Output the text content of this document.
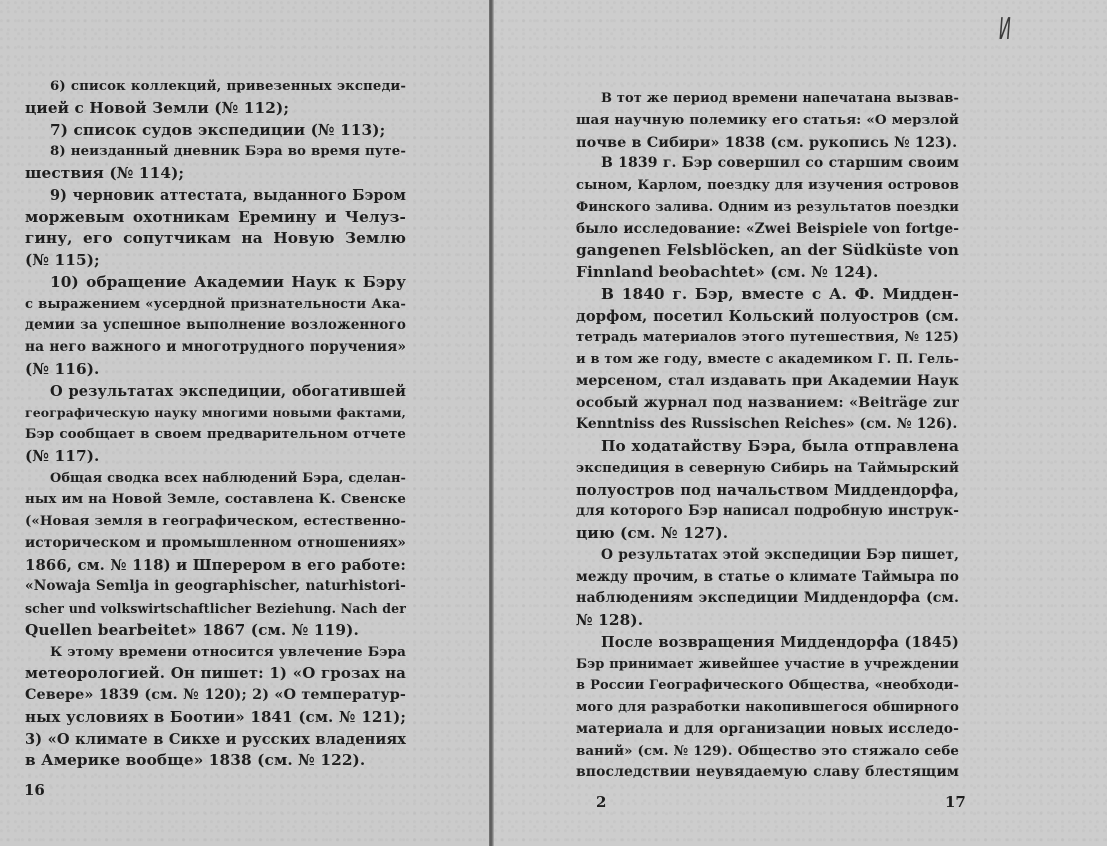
6) список коллекций, привезенных экспеди-
цией с Новой Земли (№ 112);
7) список судов экспедиции (№ 113);
8) неизданный дневник Бэра во время путе-
шествия (№ 114);
9) черновик аттестата, выданного Бэром
моржевым охотникам Еремину и Челуз-
гину, его сопутчикам на Новую Землю
(№ 115);
10) обращение Академии Наук к Бэру
с выражением «усердной признательности Ака-
демии за успешное выполнение возложенного
на него важного и многотрудного поручения»
(№ 116).
О результатах экспедиции, обогатившей
географическую науку многими новыми фактами,
Бэр сообщает в своем предварительном отчете
(№ 117).
Общая сводка всех наблюдений Бэра, сделан-
ных им на Новой Земле, составлена К. Свенске
(«Новая земля в географическом, естественно-
историческом и промышленном отношениях»
1866, см. № 118) и Шперером в его работе:
«Nowaja Semlja in geographischer, naturhistori-
scher und volkswirtschaftlicher Beziehung. Nach der
Quellen bearbeitet» 1867 (см. № 119).
К этому времени относится увлечение Бэра
метеорологией. Он пишет: 1) «О грозах на
Севере» 1839 (см. № 120); 2) «О температур-
ных условиях в Боотии» 1841 (см. № 121);
3) «О климате в Сикхе и русских владениях
в Америке вообще» 1838 (см. № 122).
16
В тот же период времени напечатана вызвав-
шая научную полемику его статья: «О мерзлой
почве в Сибири» 1838 (см. рукопись № 123).
В 1839 г. Бэр совершил со старшим своим
сыном, Карлом, поездку для изучения островов
Финского залива. Одним из результатов поездки
было исследование: «Zwei Beispiele von fortge-
gangenen Felsblöcken, an der Südküste von
Finnland beobachtet» (см. № 124).
В 1840 г. Бэр, вместе с А. Ф. Мидден-
дорфом, посетил Кольский полуостров (см.
тетрадь материалов этого путешествия, № 125)
и в том же году, вместе с академиком Г. П. Гель-
мерсеном, стал издавать при Академии Наук
особый журнал под названием: «Beiträge zur
Kenntniss des Russischen Reiches» (см. № 126).
По ходатайству Бэра, была отправлена
экспедиция в северную Сибирь на Таймырский
полуостров под начальством Миддендорфа,
для которого Бэр написал подробную инструк-
цию (см. № 127).
О результатах этой экспедиции Бэр пишет,
между прочим, в статье о климате Таймыра по
наблюдениям экспедиции Миддендорфа (см.
№ 128).
После возвращения Миддендорфа (1845)
Бэр принимает живейшее участие в учреждении
в России Географического Общества, «необходи-
мого для разработки накопившегося обширного
материала и для организации новых исследо-
ваний» (см. № 129). Общество это стяжало себе
впоследствии неувядаемую славу блестящим
2	17
И
